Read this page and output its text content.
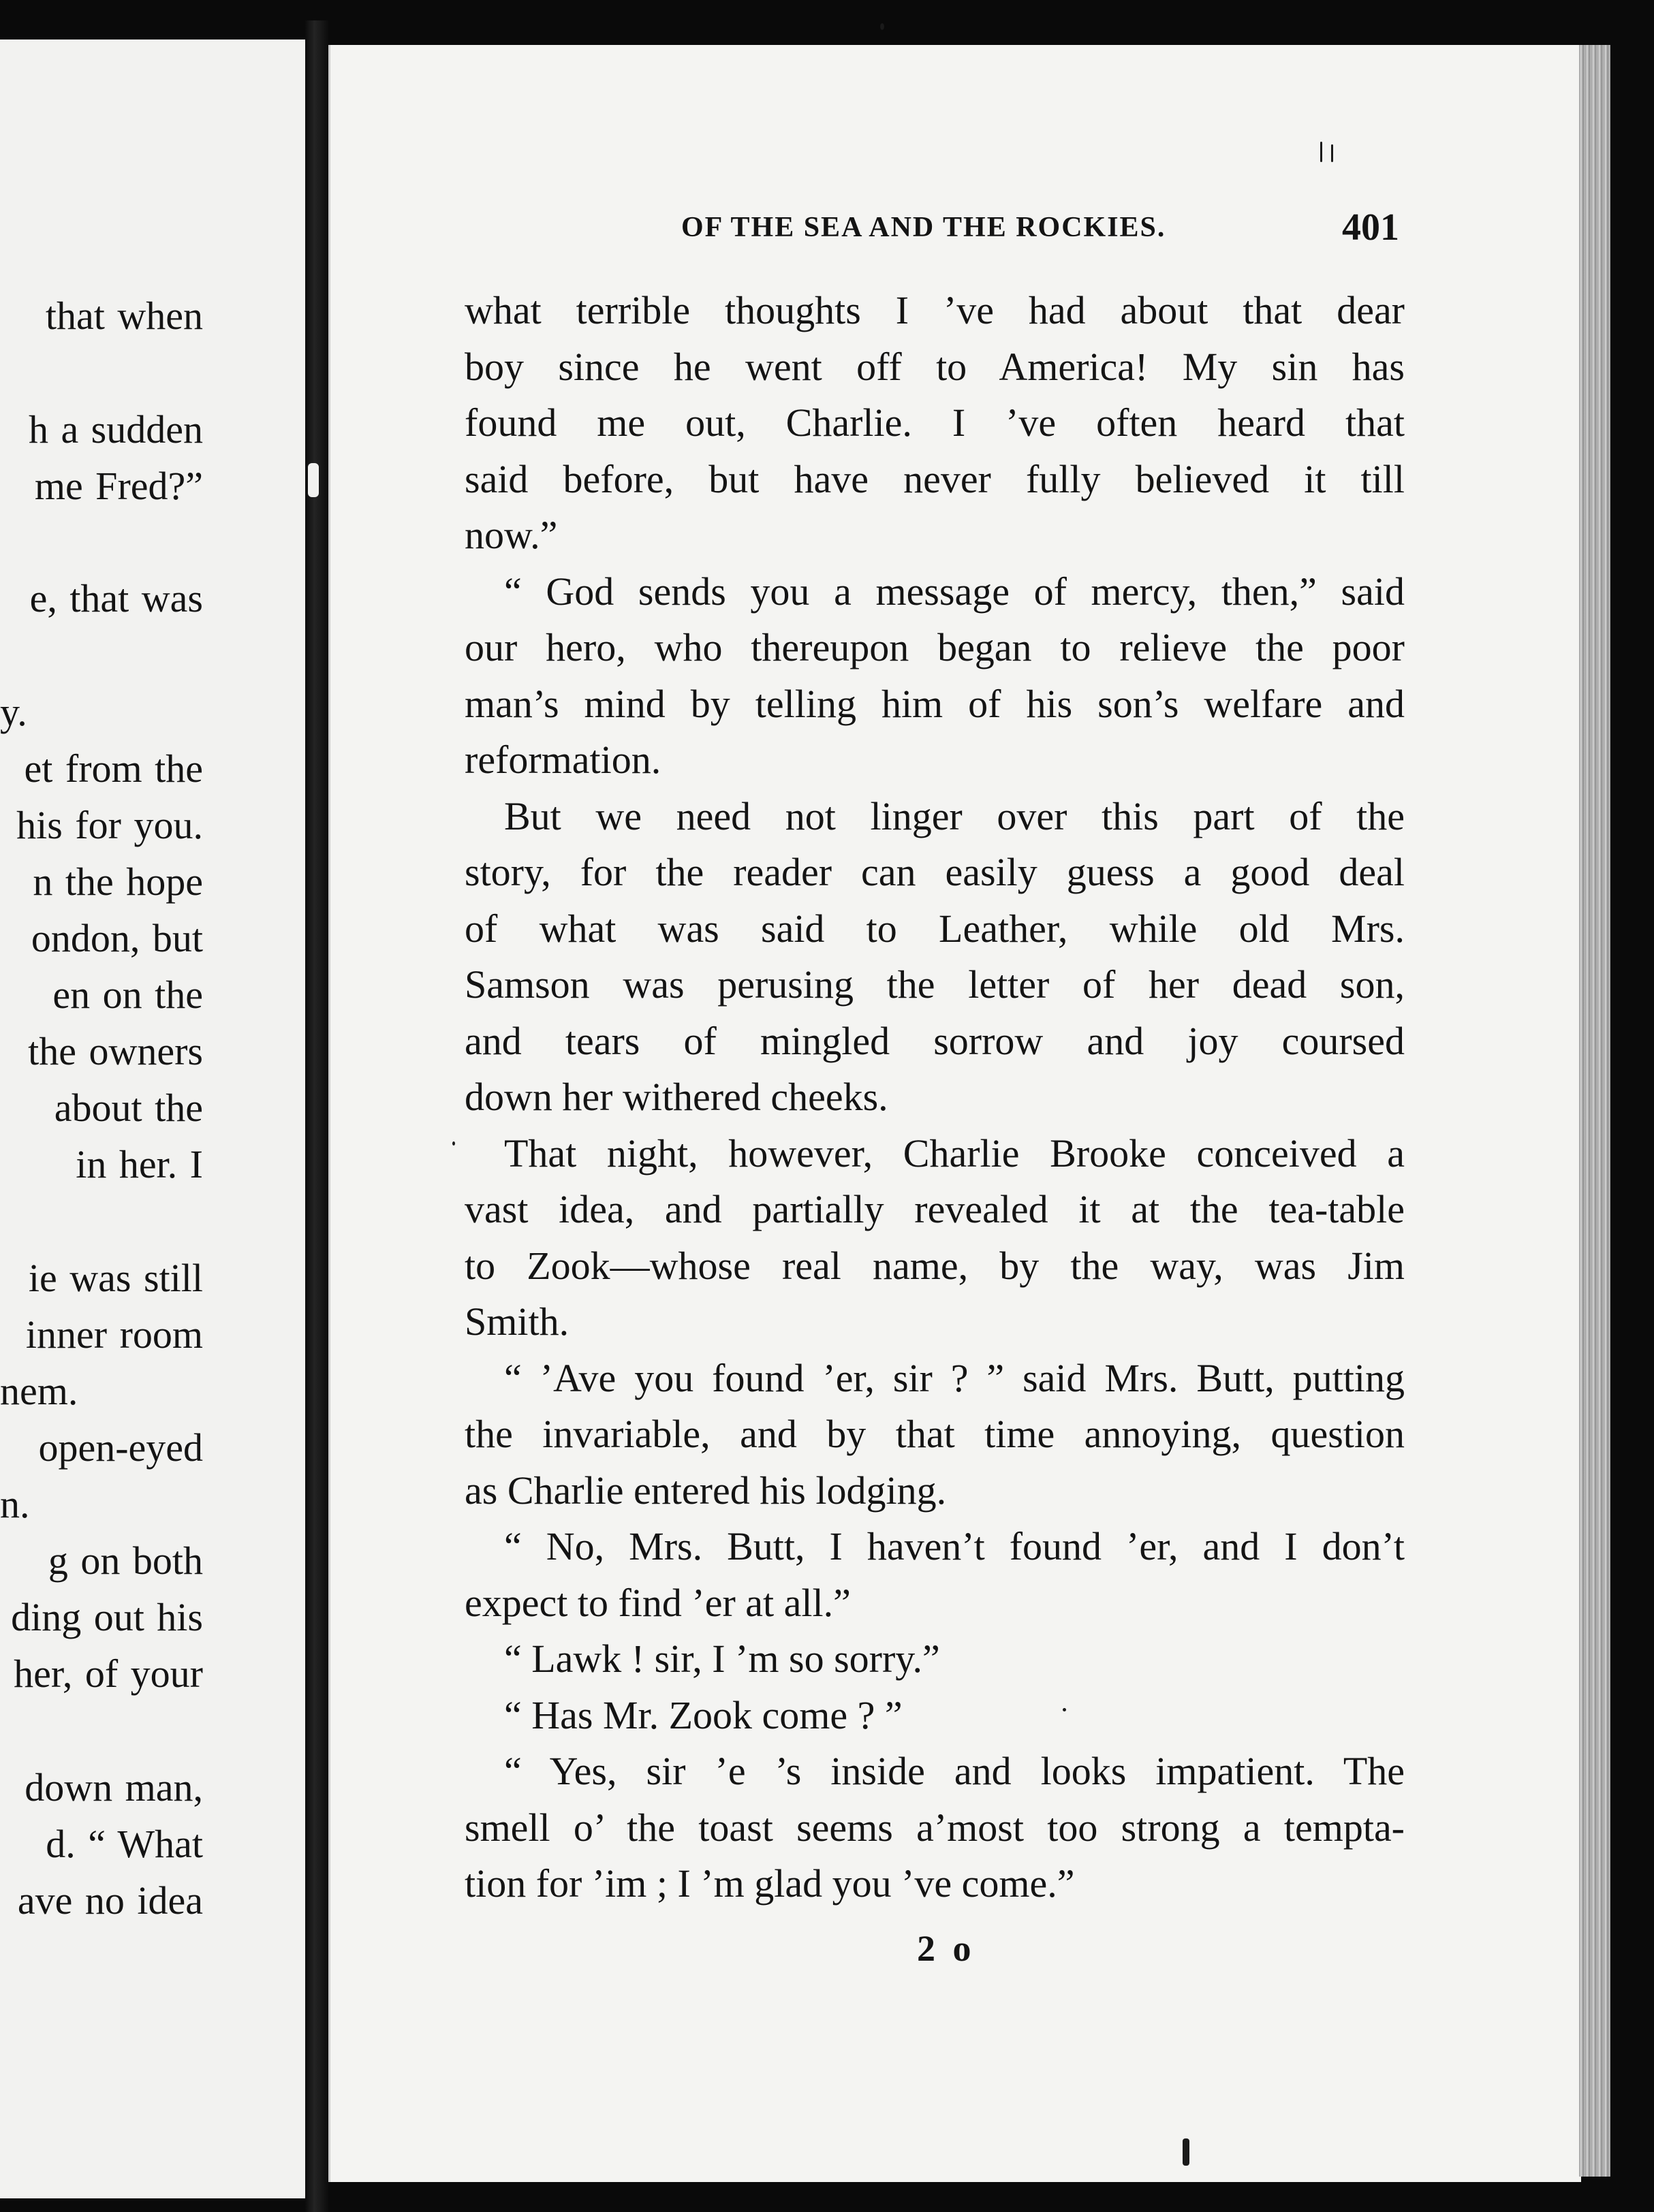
that when

h a sudden

me Fred?”

e, that was

y.

et from the

his for you.

n the hope

ondon, but

en on the

the owners

about the

in her. I

ie was still

inner room

nem.

open-eyed

n.

g on both

ding out his

her, of your

down man,

d. “ What

ave no idea

OF THE SEA AND THE ROCKIES.	401

what terrible thoughts I ’ve had about that dear

boy since he went off to America! My sin has

found me out, Charlie. I ’ve often heard that

said before, but have never fully believed it till

now.”

“ God sends you a message of mercy, then,” said

our hero, who thereupon began to relieve the poor

man’s mind by telling him of his son’s welfare and

reformation.

But we need not linger over this part of the

story, for the reader can easily guess a good deal

of what was said to Leather, while old Mrs.

Samson was perusing the letter of her dead son,

and tears of mingled sorrow and joy coursed

down her withered cheeks.

That night, however, Charlie Brooke conceived a

vast idea, and partially revealed it at the tea-table

to Zook—whose real name, by the way, was Jim

Smith.

“ ’Ave you found ’er, sir ? ” said Mrs. Butt, putting

the invariable, and by that time annoying, question

as Charlie entered his lodging.

“ No, Mrs. Butt, I haven’t found ’er, and I don’t

expect to find ’er at all.”

“ Lawk ! sir, I ’m so sorry.”

“ Has Mr. Zook come ? ”

“ Yes, sir ’e ’s inside and looks impatient. The

smell o’ the toast seems a’most too strong a tempta-

tion for ’im ; I ’m glad you ’ve come.”

2 o
